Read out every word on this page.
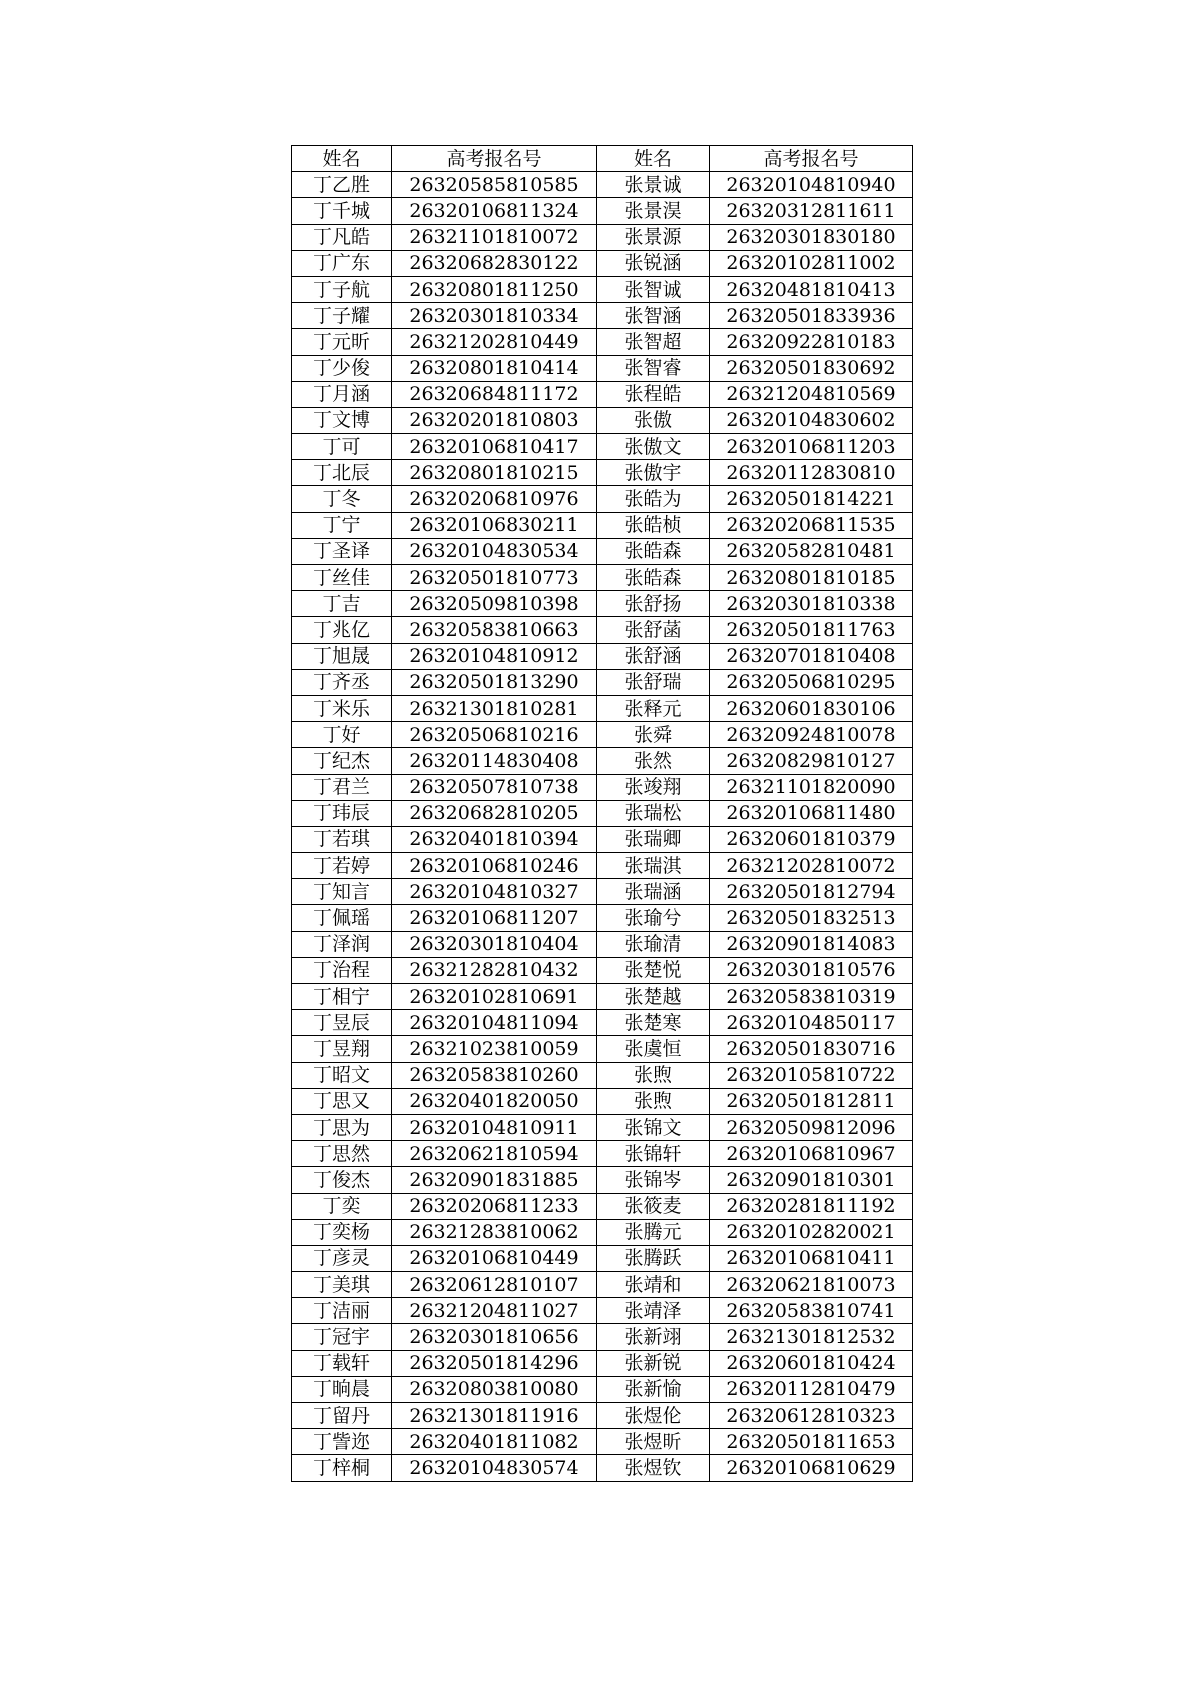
姓名	高考报名号	姓名	高考报名号
丁乙胜	26320585810585	张景诚	26320104810940
丁千城	26320106811324	张景淏	26320312811611
丁凡皓	26321101810072	张景源	26320301830180
丁广东	26320682830122	张锐涵	26320102811002
丁子航	26320801811250	张智诚	26320481810413
丁子耀	26320301810334	张智涵	26320501833936
丁元昕	26321202810449	张智超	26320922810183
丁少俊	26320801810414	张智睿	26320501830692
丁月涵	26320684811172	张程皓	26321204810569
丁文博	26320201810803	张傲	26320104830602
丁可	26320106810417	张傲文	26320106811203
丁北辰	26320801810215	张傲宇	26320112830810
丁冬	26320206810976	张皓为	26320501814221
丁宁	26320106830211	张皓桢	26320206811535
丁圣译	26320104830534	张皓森	26320582810481
丁丝佳	26320501810773	张皓森	26320801810185
丁吉	26320509810398	张舒扬	26320301810338
丁兆亿	26320583810663	张舒菡	26320501811763
丁旭晟	26320104810912	张舒涵	26320701810408
丁齐丞	26320501813290	张舒瑞	26320506810295
丁米乐	26321301810281	张释元	26320601830106
丁好	26320506810216	张舜	26320924810078
丁纪杰	26320114830408	张然	26320829810127
丁君兰	26320507810738	张竣翔	26321101820090
丁玮辰	26320682810205	张瑞松	26320106811480
丁若琪	26320401810394	张瑞卿	26320601810379
丁若婷	26320106810246	张瑞淇	26321202810072
丁知言	26320104810327	张瑞涵	26320501812794
丁佩瑶	26320106811207	张瑜兮	26320501832513
丁泽润	26320301810404	张瑜清	26320901814083
丁治程	26321282810432	张楚悦	26320301810576
丁相宁	26320102810691	张楚越	26320583810319
丁昱辰	26320104811094	张楚寒	26320104850117
丁昱翔	26321023810059	张虞恒	26320501830716
丁昭文	26320583810260	张煦	26320105810722
丁思又	26320401820050	张煦	26320501812811
丁思为	26320104810911	张锦文	26320509812096
丁思然	26320621810594	张锦轩	26320106810967
丁俊杰	26320901831885	张锦岑	26320901810301
丁奕	26320206811233	张筱麦	26320281811192
丁奕杨	26321283810062	张腾元	26320102820021
丁彦灵	26320106810449	张腾跃	26320106810411
丁美琪	26320612810107	张靖和	26320621810073
丁洁丽	26321204811027	张靖泽	26320583810741
丁冠宇	26320301810656	张新翊	26321301812532
丁载轩	26320501814296	张新锐	26320601810424
丁晌晨	26320803810080	张新愉	26320112810479
丁留丹	26321301811916	张煜伦	26320612810323
丁訾迩	26320401811082	张煜昕	26320501811653
丁梓桐	26320104830574	张煜钦	26320106810629
